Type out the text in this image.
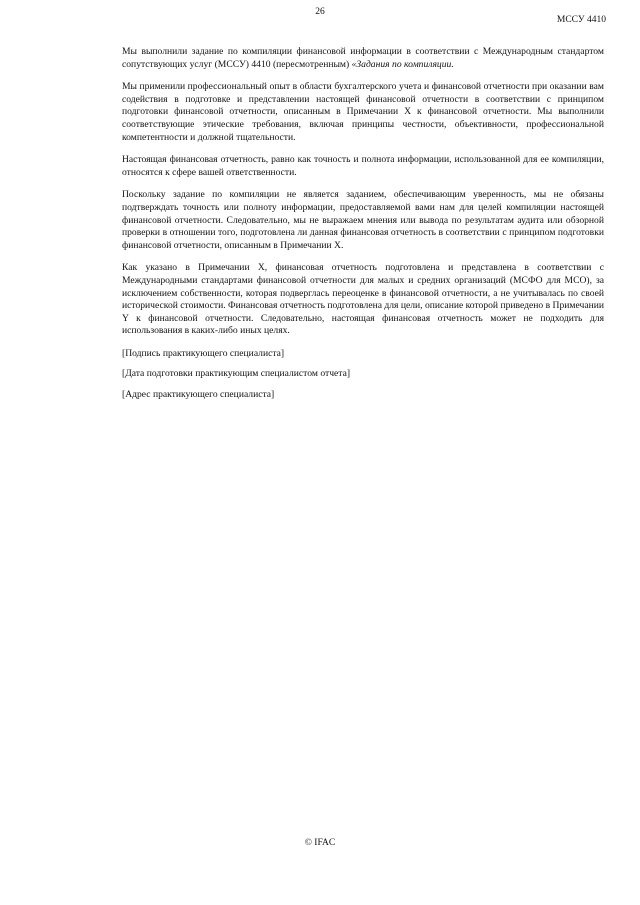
26
МССУ 4410

Мы выполнили задание по компиляции финансовой информации в соответствии с Международным стандартом сопутствующих услуг (МССУ) 4410 (пересмотренным) «Задания по компиляции.

Мы применили профессиональный опыт в области бухгалтерского учета и финансовой отчетности при оказании вам содействия в подготовке и представлении настоящей финансовой отчетности в соответствии с принципом подготовки финансовой отчетности, описанным в Примечании X к финансовой отчетности. Мы выполнили соответствующие этические требования, включая принципы честности, объективности, профессиональной компетентности и должной тщательности.

Настоящая финансовая отчетность, равно как точность и полнота информации, использованной для ее компиляции, относятся к сфере вашей ответственности.

Поскольку задание по компиляции не является заданием, обеспечивающим уверенность, мы не обязаны подтверждать точность или полноту информации, предоставляемой вами нам для целей компиляции настоящей финансовой отчетности. Следовательно, мы не выражаем мнения или вывода по результатам аудита или обзорной проверки в отношении того, подготовлена ли данная финансовая отчетность в соответствии с принципом подготовки финансовой отчетности, описанным в Примечании X.

Как указано в Примечании X, финансовая отчетность подготовлена и представлена в соответствии с Международными стандартами финансовой отчетности для малых и средних организаций (МСФО для МСО), за исключением собственности, которая подверглась переоценке в финансовой отчетности, а не учитывалась по своей исторической стоимости. Финансовая отчетность подготовлена для цели, описание которой приведено в Примечании Y к финансовой отчетности. Следовательно, настоящая финансовая отчетность может не подходить для использования в каких-либо иных целях.

[Подпись практикующего специалиста]

[Дата подготовки практикующим специалистом отчета]

[Адрес практикующего специалиста]

© IFAC
